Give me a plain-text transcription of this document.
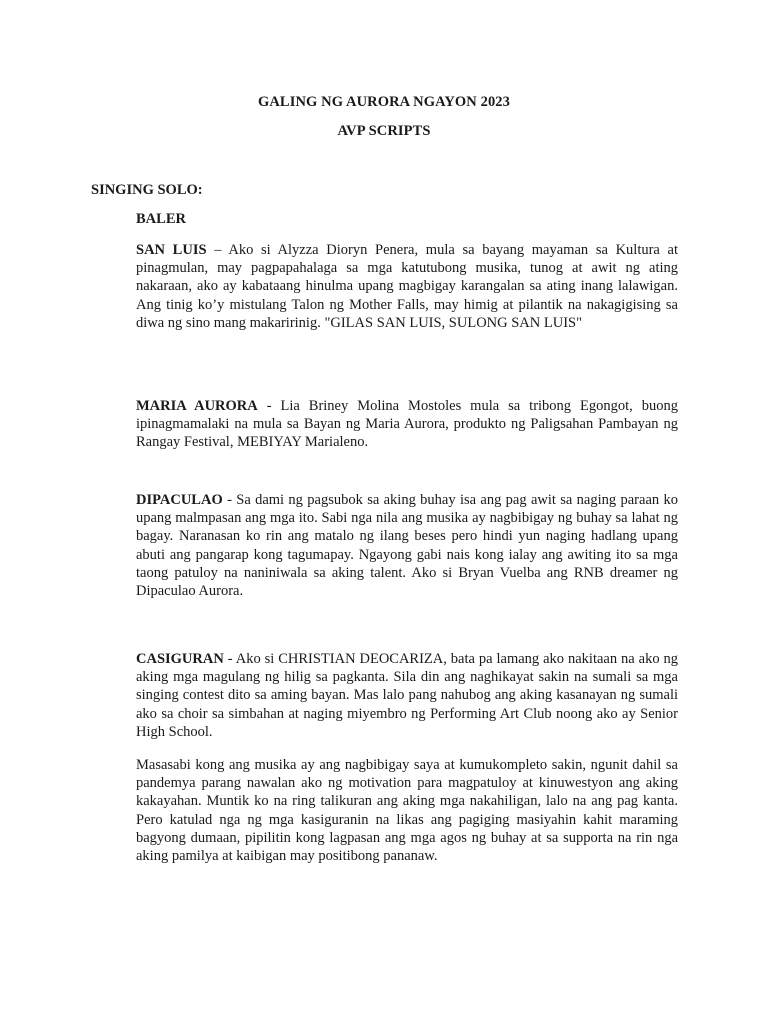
GALING NG AURORA NGAYON 2023
AVP SCRIPTS
SINGING SOLO:
BALER

SAN LUIS – Ako si Alyzza Dioryn Penera, mula sa bayang mayaman sa Kultura at pinagmulan, may pagpapahalaga sa mga katutubong musika, tunog at awit ng ating nakaraan, ako ay kabataang hinulma upang magbigay karangalan sa ating inang lalawigan. Ang tinig ko’y mistulang Talon ng Mother Falls, may himig at pilantik na nakagigising sa diwa ng sino mang makaririnig. "GILAS SAN LUIS, SULONG SAN LUIS"

MARIA AURORA - Lia Briney Molina Mostoles mula sa tribong Egongot, buong ipinagmamalaki na mula sa Bayan ng Maria Aurora, produkto ng Paligsahan Pambayan ng Rangay Festival, MEBIYAY Marialeno.

DIPACULAO - Sa dami ng pagsubok sa aking buhay isa ang pag awit sa naging paraan ko upang malmpasan ang mga ito. Sabi nga nila ang musika ay nagbibigay ng buhay sa lahat ng bagay. Naranasan ko rin ang matalo ng ilang beses pero hindi yun naging hadlang upang abuti ang pangarap kong tagumapay. Ngayong gabi nais kong ialay ang awiting ito sa mga taong patuloy na naniniwala sa aking talent. Ako si Bryan Vuelba ang RNB dreamer ng Dipaculao Aurora.

CASIGURAN - Ako si CHRISTIAN DEOCARIZA, bata pa lamang ako nakitaan na ako ng aking mga magulang ng hilig sa pagkanta. Sila din ang naghikayat sakin na sumali sa mga singing contest dito sa aming bayan. Mas lalo pang nahubog ang aking kasanayan ng sumali ako sa choir sa simbahan at naging miyembro ng Performing Art Club noong ako ay Senior High School.

Masasabi kong ang musika ay ang nagbibigay saya at kumukompleto sakin, ngunit dahil sa pandemya parang nawalan ako ng motivation para magpatuloy at kinuwestyon ang aking kakayahan. Muntik ko na ring talikuran ang aking mga nakahiligan, lalo na ang pag kanta. Pero katulad nga ng mga kasiguranin na likas ang pagiging masiyahin kahit maraming bagyong dumaan, pipilitin kong lagpasan ang mga agos ng buhay at sa supporta na rin nga aking pamilya at kaibigan may positibong pananaw.
